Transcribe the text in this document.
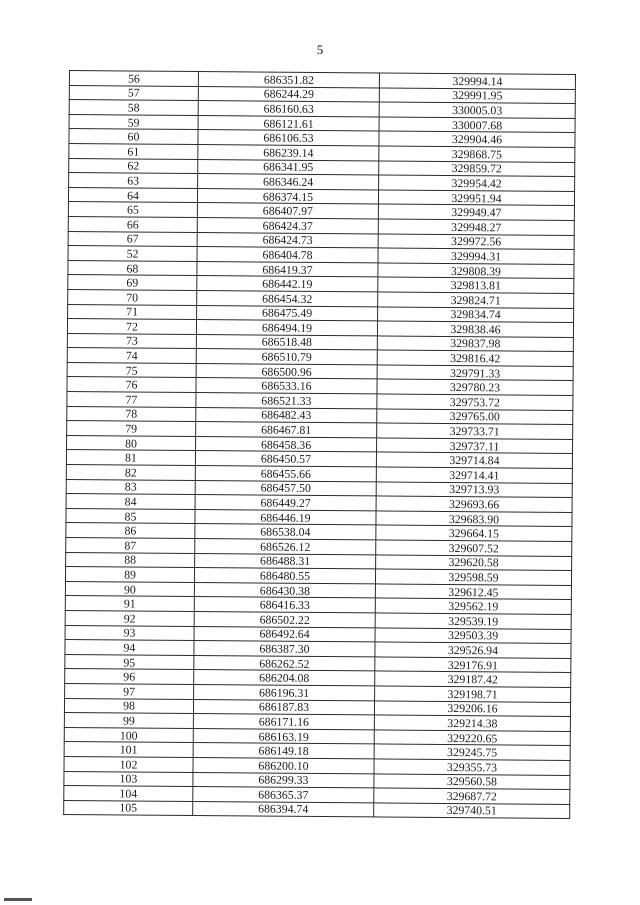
5
56	686351.82	329994.14
57	686244.29	329991.95
58	686160.63	330005.03
59	686121.61	330007.68
60	686106.53	329904.46
61	686239.14	329868.75
62	686341.95	329859.72
63	686346.24	329954.42
64	686374.15	329951.94
65	686407.97	329949.47
66	686424.37	329948.27
67	686424.73	329972.56
52	686404.78	329994.31
68	686419.37	329808.39
69	686442.19	329813.81
70	686454.32	329824.71
71	686475.49	329834.74
72	686494.19	329838.46
73	686518.48	329837.98
74	686510.79	329816.42
75	686500.96	329791.33
76	686533.16	329780.23
77	686521.33	329753.72
78	686482.43	329765.00
79	686467.81	329733.71
80	686458.36	329737.11
81	686450.57	329714.84
82	686455.66	329714.41
83	686457.50	329713.93
84	686449.27	329693.66
85	686446.19	329683.90
86	686538.04	329664.15
87	686526.12	329607.52
88	686488.31	329620.58
89	686480.55	329598.59
90	686430.38	329612.45
91	686416.33	329562.19
92	686502.22	329539.19
93	686492.64	329503.39
94	686387.30	329526.94
95	686262.52	329176.91
96	686204.08	329187.42
97	686196.31	329198.71
98	686187.83	329206.16
99	686171.16	329214.38
100	686163.19	329220.65
101	686149.18	329245.75
102	686200.10	329355.73
103	686299.33	329560.58
104	686365.37	329687.72
105	686394.74	329740.51
